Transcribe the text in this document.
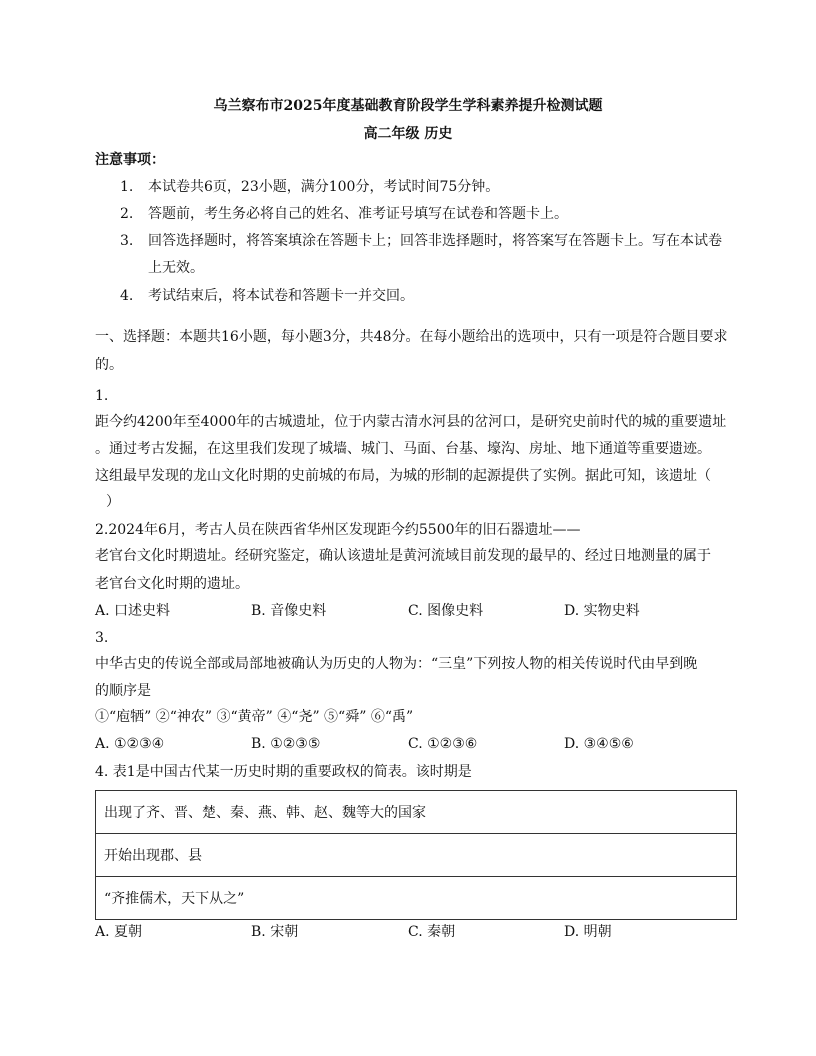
乌兰察布市2025年度基础教育阶段学生学科素养提升检测试题
高二年级 历史
注意事项：
1. 本试卷共6页，23小题，满分100分，考试时间75分钟。
2. 答题前，考生务必将自己的姓名、准考证号填写在试卷和答题卡上。
3. 回答选择题时，将答案填涂在答题卡上；回答非选择题时，将答案写在答题卡上。写在本试卷
上无效。
4. 考试结束后，将本试卷和答题卡一并交回。
一、选择题：本题共16小题，每小题3分，共48分。在每小题给出的选项中，只有一项是符合题目要求
的。
1.
距今约4200年至4000年的古城遗址，位于内蒙古清水河县的岔河口，是研究史前时代的城的重要遗址
。通过考古发掘，在这里我们发现了城墙、城门、马面、台基、壕沟、房址、地下通道等重要遗迹。
这组最早发现的龙山文化时期的史前城的布局，为城的形制的起源提供了实例。据此可知，该遗址（
）
2.2024年6月，考古人员在陕西省华州区发现距今约5500年的旧石器遗址——
老官台文化时期遗址。经研究鉴定，确认该遗址是黄河流域目前发现的最早的、经过日地测量的属于
老官台文化时期的遗址。
A. 口述史料	B. 音像史料	C. 图像史料	D. 实物史料
3.
中华古史的传说全部或局部地被确认为历史的人物为：“三皇”下列按人物的相关传说时代由早到晚
的顺序是
①“庖牺” ②“神农” ③“黄帝” ④“尧” ⑤“舜” ⑥“禹”
A. ①②③④	B. ①②③⑤	C. ①②③⑥	D. ③④⑤⑥
4. 表1是中国古代某一历史时期的重要政权的简表。该时期是
出现了齐、晋、楚、秦、燕、韩、赵、魏等大的国家
开始出现郡、县
“齐推儒术，天下从之”
A. 夏朝	B. 宋朝	C. 秦朝	D. 明朝
